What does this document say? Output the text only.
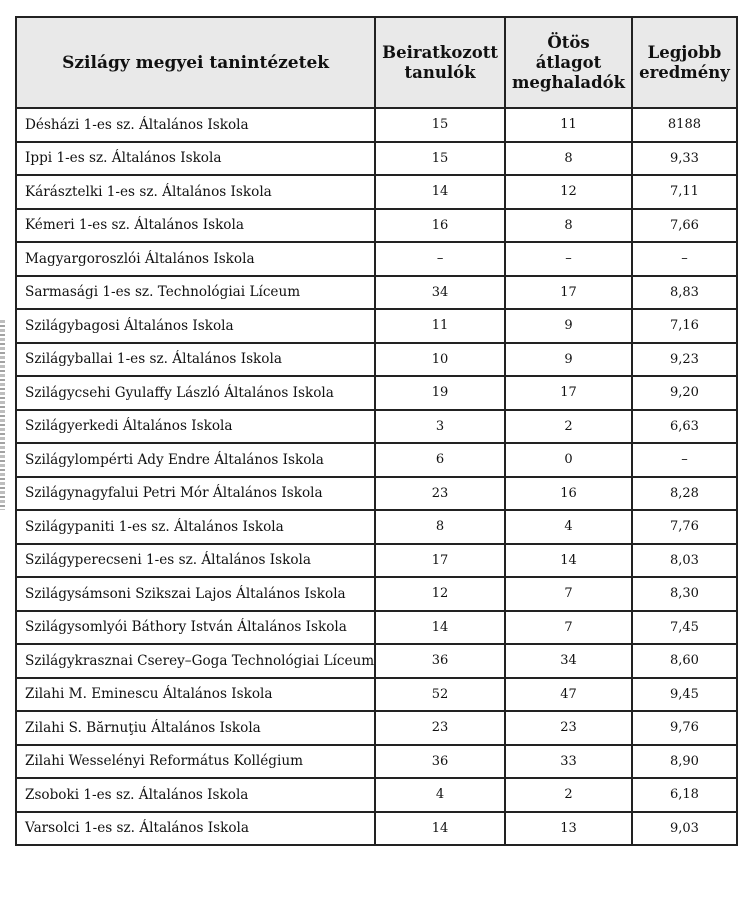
Szilágy megyei tanintézetek	Beiratkozott tanulók	Ötös átlagot meghaladók	Legjobb eredmény
Désházi 1-es sz. Általános Iskola	15	11	8188
Ippi 1-es sz. Általános Iskola	15	8	9,33
Kárásztelki 1-es sz. Általános Iskola	14	12	7,11
Kémeri 1-es sz. Általános Iskola	16	8	7,66
Magyargoroszlói Általános Iskola	–	–	–
Sarmasági 1-es sz. Technológiai Líceum	34	17	8,83
Szilágybagosi Általános Iskola	11	9	7,16
Szilágyballai 1-es sz. Általános Iskola	10	9	9,23
Szilágycsehi Gyulaffy László Általános Iskola	19	17	9,20
Szilágyerkedi Általános Iskola	3	2	6,63
Szilágylompérti Ady Endre Általános Iskola	6	0	–
Szilágynagyfalui Petri Mór Általános Iskola	23	16	8,28
Szilágypaniti 1-es sz. Általános Iskola	8	4	7,76
Szilágyperecseni 1-es sz. Általános Iskola	17	14	8,03
Szilágysámsoni Szikszai Lajos Általános Iskola	12	7	8,30
Szilágysomlyói Báthory István Általános Iskola	14	7	7,45
Szilágykrasznai Cserey–Goga Technológiai Líceum	36	34	8,60
Zilahi M. Eminescu Általános Iskola	52	47	9,45
Zilahi S. Bărnuţiu Általános Iskola	23	23	9,76
Zilahi Wesselényi Református Kollégium	36	33	8,90
Zsoboki 1-es sz. Általános Iskola	4	2	6,18
Varsolci 1-es sz. Általános Iskola	14	13	9,03
